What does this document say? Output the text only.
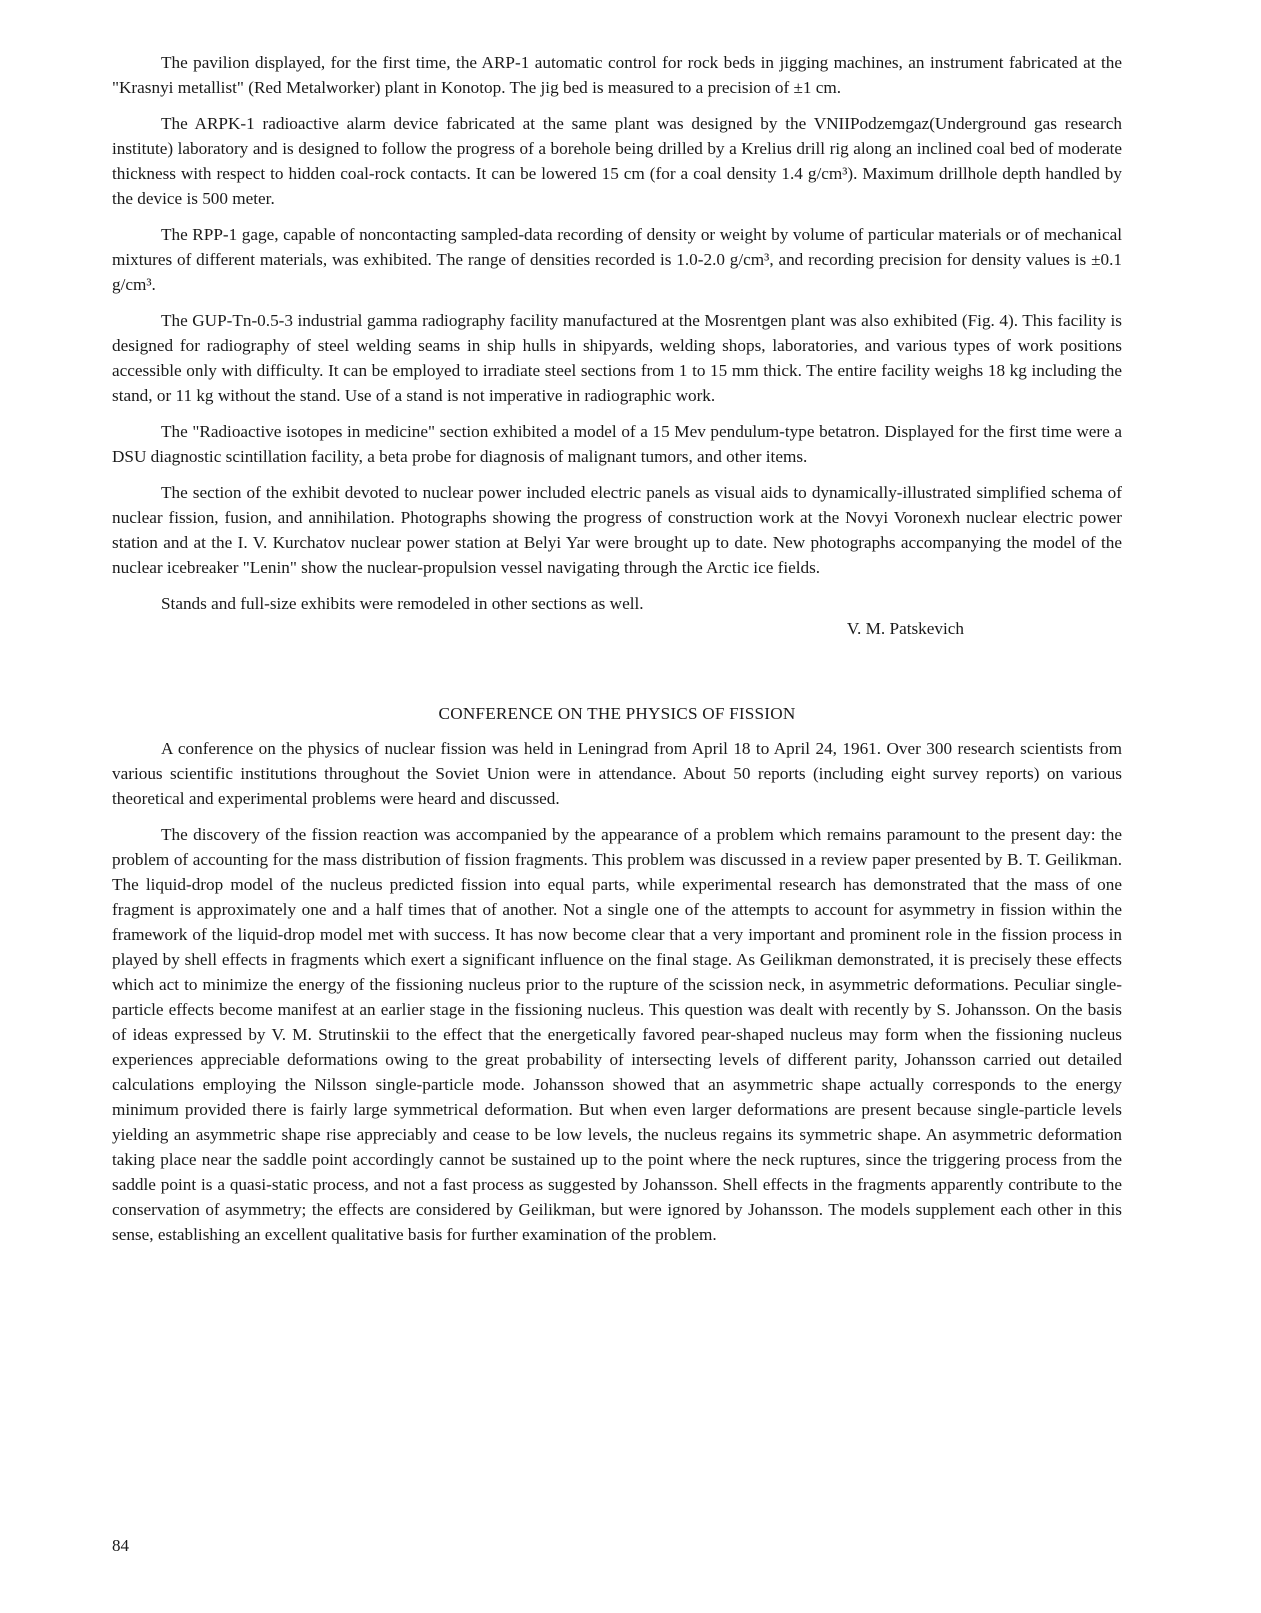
The pavilion displayed, for the first time, the ARP-1 automatic control for rock beds in jigging machines, an instrument fabricated at the "Krasnyi metallist" (Red Metalworker) plant in Konotop. The jig bed is measured to a precision of ±1 cm.

The ARPK-1 radioactive alarm device fabricated at the same plant was designed by the VNIIPodzemgaz(Underground gas research institute) laboratory and is designed to follow the progress of a borehole being drilled by a Krelius drill rig along an inclined coal bed of moderate thickness with respect to hidden coal-rock contacts. It can be lowered 15 cm (for a coal density 1.4 g/cm³). Maximum drillhole depth handled by the device is 500 meter.

The RPP-1 gage, capable of noncontacting sampled-data recording of density or weight by volume of particular materials or of mechanical mixtures of different materials, was exhibited. The range of densities recorded is 1.0-2.0 g/cm³, and recording precision for density values is ±0.1 g/cm³.

The GUP-Tn-0.5-3 industrial gamma radiography facility manufactured at the Mosrentgen plant was also exhibited (Fig. 4). This facility is designed for radiography of steel welding seams in ship hulls in shipyards, welding shops, laboratories, and various types of work positions accessible only with difficulty. It can be employed to irradiate steel sections from 1 to 15 mm thick. The entire facility weighs 18 kg including the stand, or 11 kg without the stand. Use of a stand is not imperative in radiographic work.

The "Radioactive isotopes in medicine" section exhibited a model of a 15 Mev pendulum-type betatron. Displayed for the first time were a DSU diagnostic scintillation facility, a beta probe for diagnosis of malignant tumors, and other items.

The section of the exhibit devoted to nuclear power included electric panels as visual aids to dynamically-illustrated simplified schema of nuclear fission, fusion, and annihilation. Photographs showing the progress of construction work at the Novyi Voronexh nuclear electric power station and at the I. V. Kurchatov nuclear power station at Belyi Yar were brought up to date. New photographs accompanying the model of the nuclear icebreaker "Lenin" show the nuclear-propulsion vessel navigating through the Arctic ice fields.

Stands and full-size exhibits were remodeled in other sections as well.

V. M. Patskevich
CONFERENCE ON THE PHYSICS OF FISSION

A conference on the physics of nuclear fission was held in Leningrad from April 18 to April 24, 1961. Over 300 research scientists from various scientific institutions throughout the Soviet Union were in attendance. About 50 reports (including eight survey reports) on various theoretical and experimental problems were heard and discussed.

The discovery of the fission reaction was accompanied by the appearance of a problem which remains paramount to the present day: the problem of accounting for the mass distribution of fission fragments. This problem was discussed in a review paper presented by B. T. Geilikman. The liquid-drop model of the nucleus predicted fission into equal parts, while experimental research has demonstrated that the mass of one fragment is approximately one and a half times that of another. Not a single one of the attempts to account for asymmetry in fission within the framework of the liquid-drop model met with success. It has now become clear that a very important and prominent role in the fission process in played by shell effects in fragments which exert a significant influence on the final stage. As Geilikman demonstrated, it is precisely these effects which act to minimize the energy of the fissioning nucleus prior to the rupture of the scission neck, in asymmetric deformations. Peculiar single-particle effects become manifest at an earlier stage in the fissioning nucleus. This question was dealt with recently by S. Johansson. On the basis of ideas expressed by V. M. Strutinskii to the effect that the energetically favored pear-shaped nucleus may form when the fissioning nucleus experiences appreciable deformations owing to the great probability of intersecting levels of different parity, Johansson carried out detailed calculations employing the Nilsson single-particle mode. Johansson showed that an asymmetric shape actually corresponds to the energy minimum provided there is fairly large symmetrical deformation. But when even larger deformations are present because single-particle levels yielding an asymmetric shape rise appreciably and cease to be low levels, the nucleus regains its symmetric shape. An asymmetric deformation taking place near the saddle point accordingly cannot be sustained up to the point where the neck ruptures, since the triggering process from the saddle point is a quasi-static process, and not a fast process as suggested by Johansson. Shell effects in the fragments apparently contribute to the conservation of asymmetry; the effects are considered by Geilikman, but were ignored by Johansson. The models supplement each other in this sense, establishing an excellent qualitative basis for further examination of the problem.

84
